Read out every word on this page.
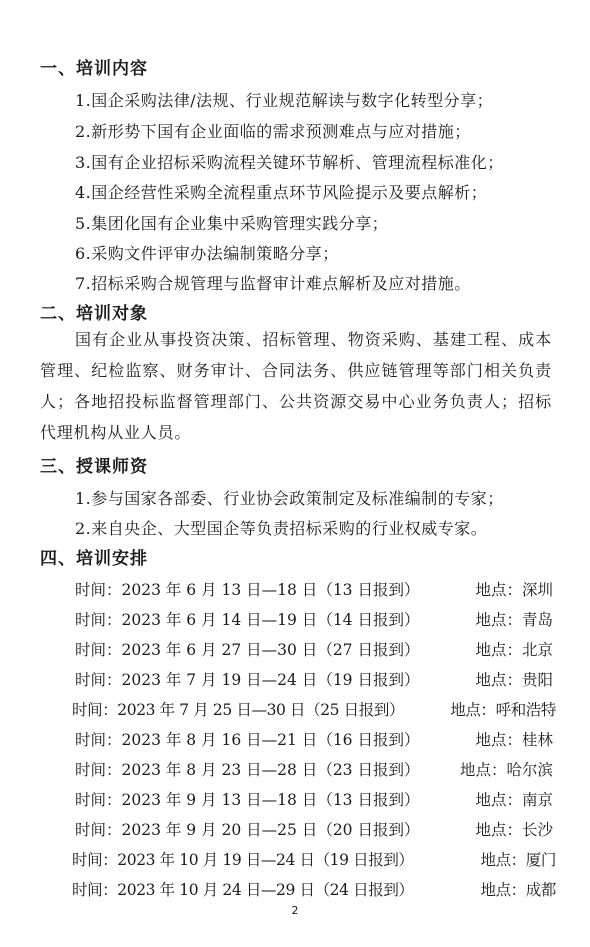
一、培训内容
1.国企采购法律/法规、行业规范解读与数字化转型分享；
2.新形势下国有企业面临的需求预测难点与应对措施；
3.国有企业招标采购流程关键环节解析、管理流程标准化；
4.国企经营性采购全流程重点环节风险提示及要点解析；
5.集团化国有企业集中采购管理实践分享；
6.采购文件评审办法编制策略分享；
7.招标采购合规管理与监督审计难点解析及应对措施。
二、培训对象
国有企业从事投资决策、招标管理、物资采购、基建工程、成本管理、纪检监察、财务审计、合同法务、供应链管理等部门相关负责人；各地招投标监督管理部门、公共资源交易中心业务负责人；招标代理机构从业人员。
三、授课师资
1.参与国家各部委、行业协会政策制定及标准编制的专家；
2.来自央企、大型国企等负责招标采购的行业权威专家。
四、培训安排
时间：2023 年 6 月 13 日—18 日（13 日报到）	地点：深圳
时间：2023 年 6 月 14 日—19 日（14 日报到）	地点：青岛
时间：2023 年 6 月 27 日—30 日（27 日报到）	地点：北京
时间：2023 年 7 月 19 日—24 日（19 日报到）	地点：贵阳
时间：2023 年 7 月 25 日—30 日（25 日报到）	地点：呼和浩特
时间：2023 年 8 月 16 日—21 日（16 日报到）	地点：桂林
时间：2023 年 8 月 23 日—28 日（23 日报到）	地点：哈尔滨
时间：2023 年 9 月 13 日—18 日（13 日报到）	地点：南京
时间：2023 年 9 月 20 日—25 日（20 日报到）	地点：长沙
时间：2023 年 10 月 19 日—24 日（19 日报到）	地点：厦门
时间：2023 年 10 月 24 日—29 日（24 日报到）	地点：成都
2
